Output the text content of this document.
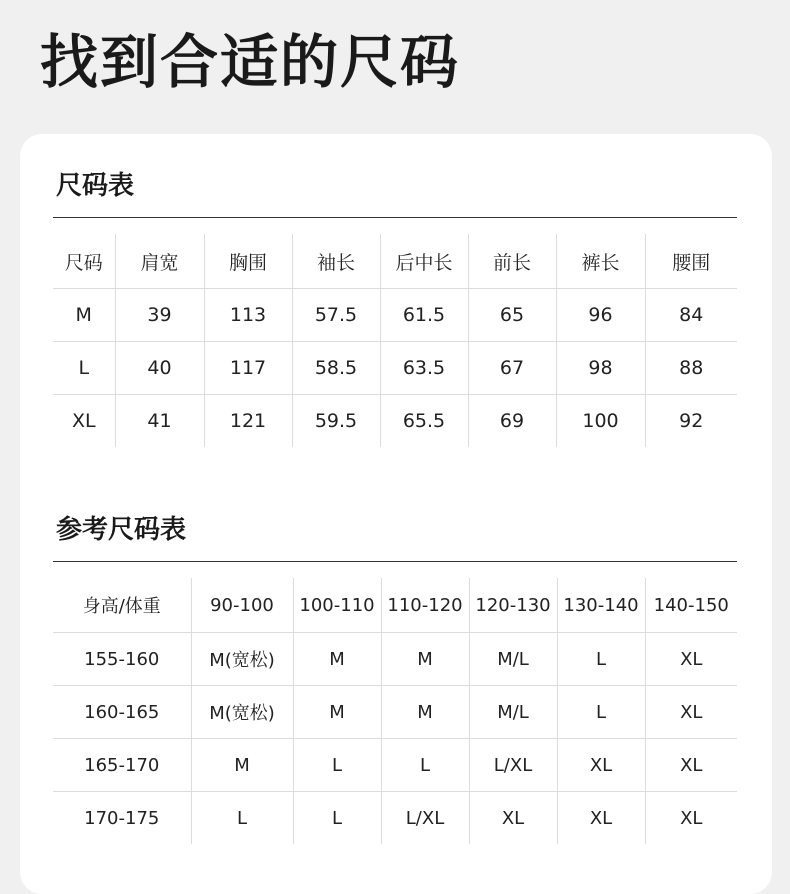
找到合适的尺码
尺码表
尺码	肩宽	胸围	袖长	后中长	前长	裤长	腰围
M	39	113	57.5	61.5	65	96	84
L	40	117	58.5	63.5	67	98	88
XL	41	121	59.5	65.5	69	100	92
参考尺码表
身高/体重	90-100	100-110	110-120	120-130	130-140	140-150
155-160	M(宽松)	M	M	M/L	L	XL
160-165	M(宽松)	M	M	M/L	L	XL
165-170	M	L	L	L/XL	XL	XL
170-175	L	L	L/XL	XL	XL	XL
